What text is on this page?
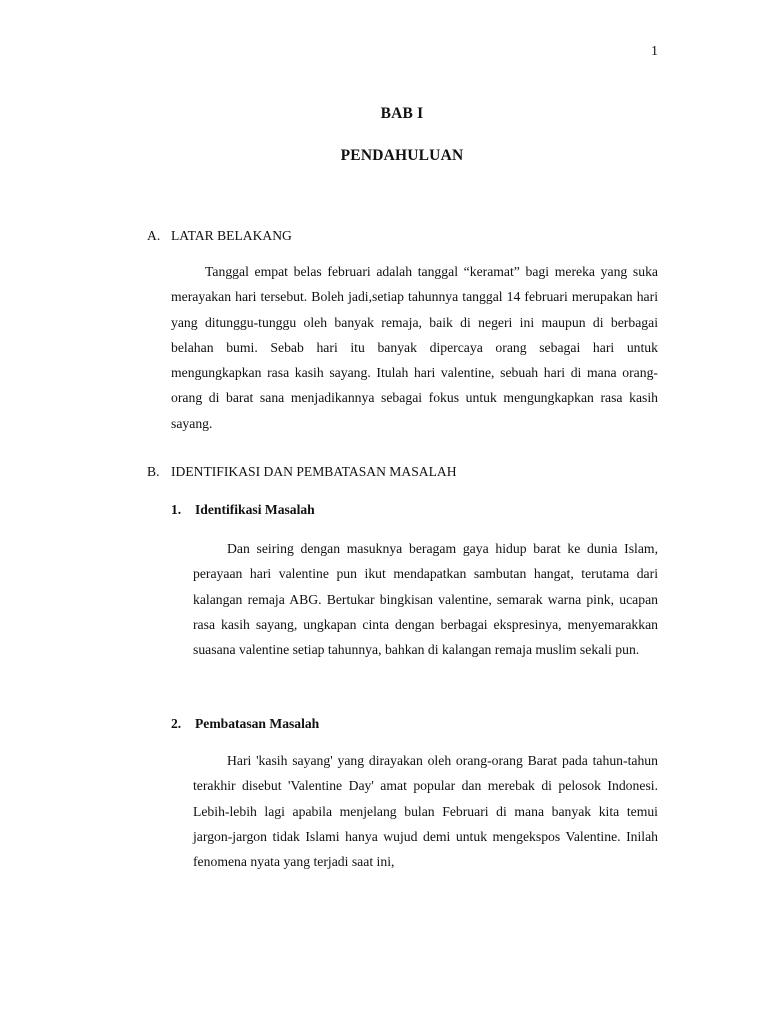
1
BAB I
PENDAHULUAN
A. LATAR BELAKANG

Tanggal empat belas februari adalah tanggal “keramat” bagi mereka yang suka merayakan hari tersebut. Boleh jadi,setiap tahunnya tanggal 14 februari merupakan hari yang ditunggu-tunggu oleh banyak remaja, baik di negeri ini maupun di berbagai belahan bumi. Sebab hari itu banyak dipercaya orang sebagai hari untuk mengungkapkan rasa kasih sayang. Itulah hari valentine, sebuah hari di mana orang-orang di barat sana menjadikannya sebagai fokus untuk mengungkapkan rasa kasih sayang.

B. IDENTIFIKASI DAN PEMBATASAN MASALAH
1. Identifikasi Masalah

Dan seiring dengan masuknya beragam gaya hidup barat ke dunia Islam, perayaan hari valentine pun ikut mendapatkan sambutan hangat, terutama dari kalangan remaja ABG. Bertukar bingkisan valentine, semarak warna pink, ucapan rasa kasih sayang, ungkapan cinta dengan berbagai ekspresinya, menyemarakkan suasana valentine setiap tahunnya, bahkan di kalangan remaja muslim sekali pun.

2. Pembatasan Masalah

Hari 'kasih sayang' yang dirayakan oleh orang-orang Barat pada tahun-tahun terakhir disebut 'Valentine Day' amat popular dan merebak di pelosok Indonesi. Lebih-lebih lagi apabila menjelang bulan Februari di mana banyak kita temui jargon-jargon tidak Islami hanya wujud demi untuk mengekspos Valentine. Inilah fenomena nyata yang terjadi saat ini,
